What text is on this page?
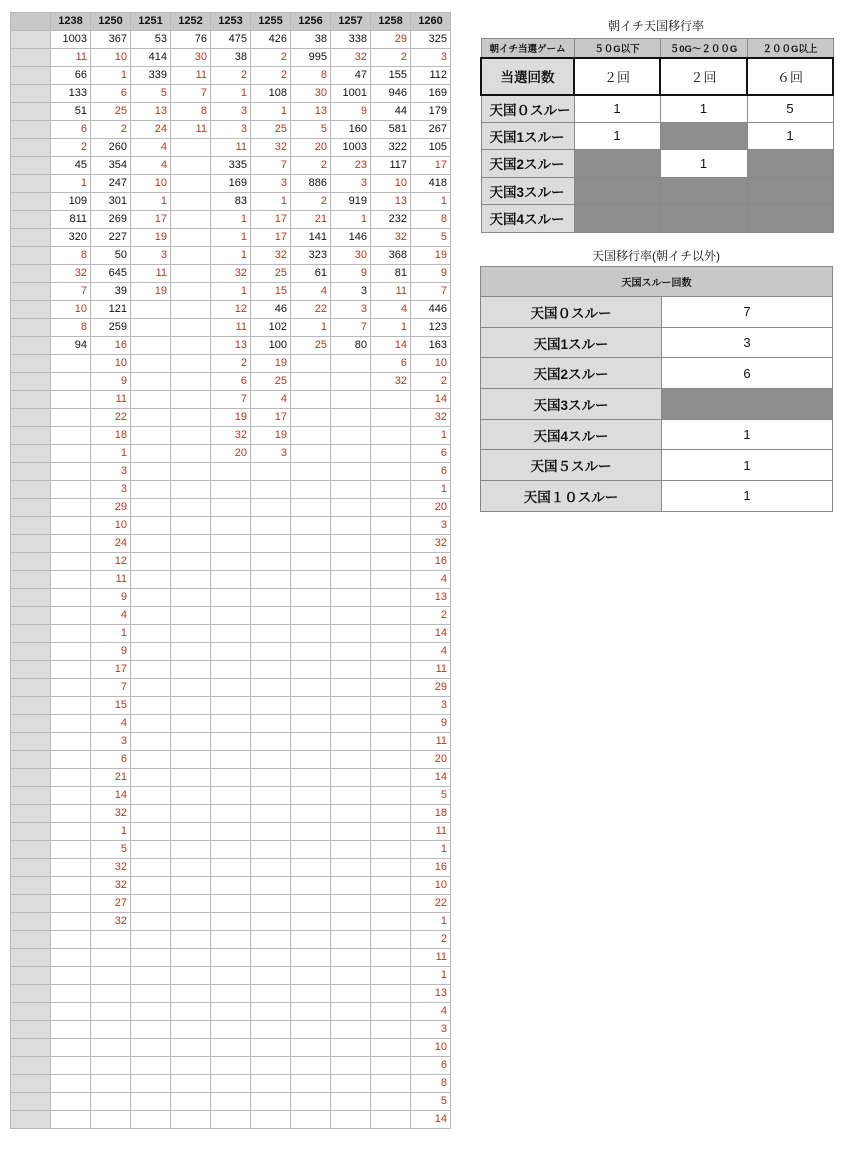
	1238	1250	1251	1252	1253	1255	1256	1257	1258	1260
	1003	367	53	76	475	426	38	338	29	325
	11	10	414	30	38	2	995	32	2	3
	66	1	339	11	2	2	8	47	155	112
	133	6	5	7	1	108	30	1001	946	169
	51	25	13	8	3	1	13	9	44	179
	6	2	24	11	3	25	5	160	581	267
	2	260	4		11	32	20	1003	322	105
	45	354	4		335	7	2	23	117	17
	1	247	10		169	3	886	3	10	418
	109	301	1		83	1	2	919	13	1
	811	269	17		1	17	21	1	232	8
	320	227	19		1	17	141	146	32	5
	8	50	3		1	32	323	30	368	19
	32	645	11		32	25	61	9	81	9
	7	39	19		1	15	4	3	11	7
	10	121			12	46	22	3	4	446
	8	259			11	102	1	7	1	123
	94	16			13	100	25	80	14	163
		10			2	19			6	10
		9			6	25			32	2
		11			7	4				14
		22			19	17				32
		18			32	19				1
		1			20	3				6
		3								6
		3								1
		29								20
		10								3
		24								32
		12								16
		11								4
		9								13
		4								2
		1								14
		9								4
		17								11
		7								29
		15								3
		4								9
		3								11
		6								20
		21								14
		14								5
		32								18
		1								11
		5								1
		32								16
		32								10
		27								22
		32								1
										2
										11
										1
										13
										4
										3
										10
										6
										8
										5
										14
朝イチ天国移行率
朝イチ当選ゲーム	５０G以下	５0G～２００G	２００G以上
当選回数	２回	２回	６回
天国０スルー	1	1	5
天国1スルー	1		1
天国2スルー		1	
天国3スルー			
天国4スルー			
天国移行率(朝イチ以外)
天国スルー回数	
天国０スルー	7
天国1スルー	3
天国2スルー	6
天国3スルー	
天国4スルー	1
天国５スルー	1
天国１０スルー	1
